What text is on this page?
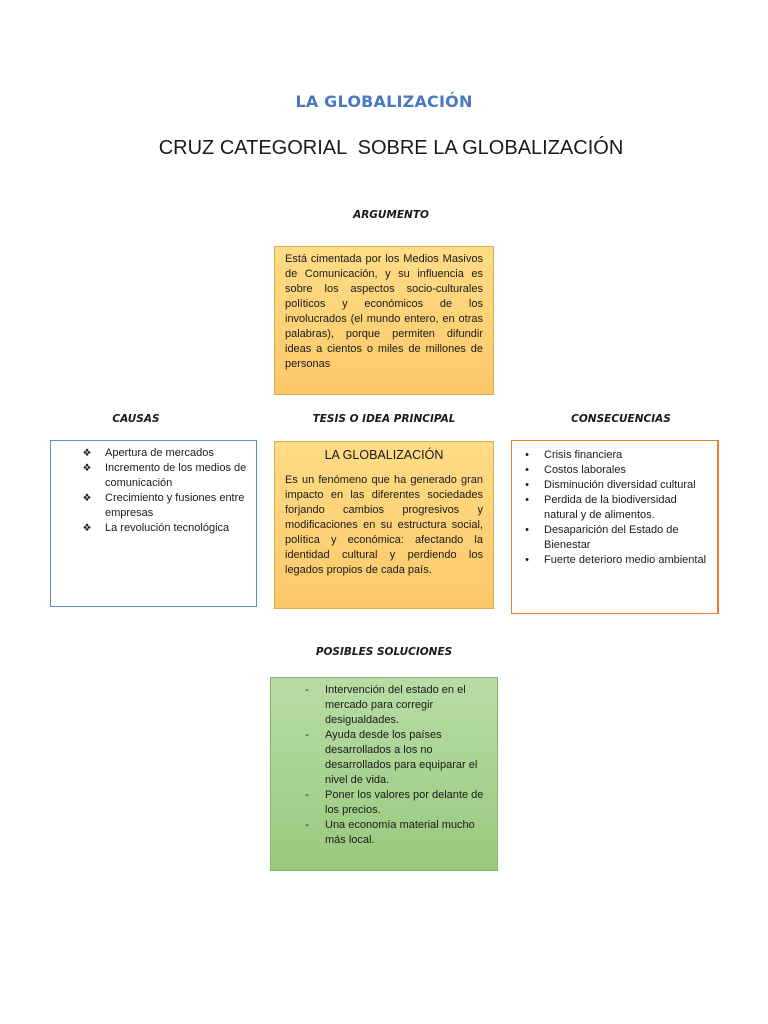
LA GLOBALIZACIÓN
CRUZ CATEGORIAL  SOBRE LA GLOBALIZACIÓN
ARGUMENTO
Está cimentada por los Medios Masivos de Comunicación, y su influencia es sobre los aspectos socio-culturales políticos y económicos de los involucrados (el mundo entero, en otras palabras), porque permiten difundir ideas a cientos o miles de millones de personas
CAUSAS	TESIS O IDEA PRINCIPAL	CONSECUENCIAS
❖ Apertura de mercados
❖ Incremento de los medios de comunicación
❖ Crecimiento y fusiones entre empresas
❖ La revolución tecnológica
LA GLOBALIZACIÓN
Es un fenómeno que ha generado gran impacto en las diferentes sociedades forjando cambios progresivos y modificaciones en su estructura social, política y económica: afectando la identidad cultural y perdiendo los legados propios de cada país.
•	Crisis financiera
•	Costos laborales
•	Disminución diversidad cultural
•	Perdida de la biodiversidad natural y de alimentos.
•	Desaparición del Estado de Bienestar
•	Fuerte deterioro medio ambiental
POSIBLES SOLUCIONES
-	Intervención del estado en el mercado para corregir desigualdades.
-	Ayuda desde los países desarrollados a los no desarrollados para equiparar el nivel de vida.
-	Poner los valores por delante de los precios.
-	Una economía material mucho más local.
